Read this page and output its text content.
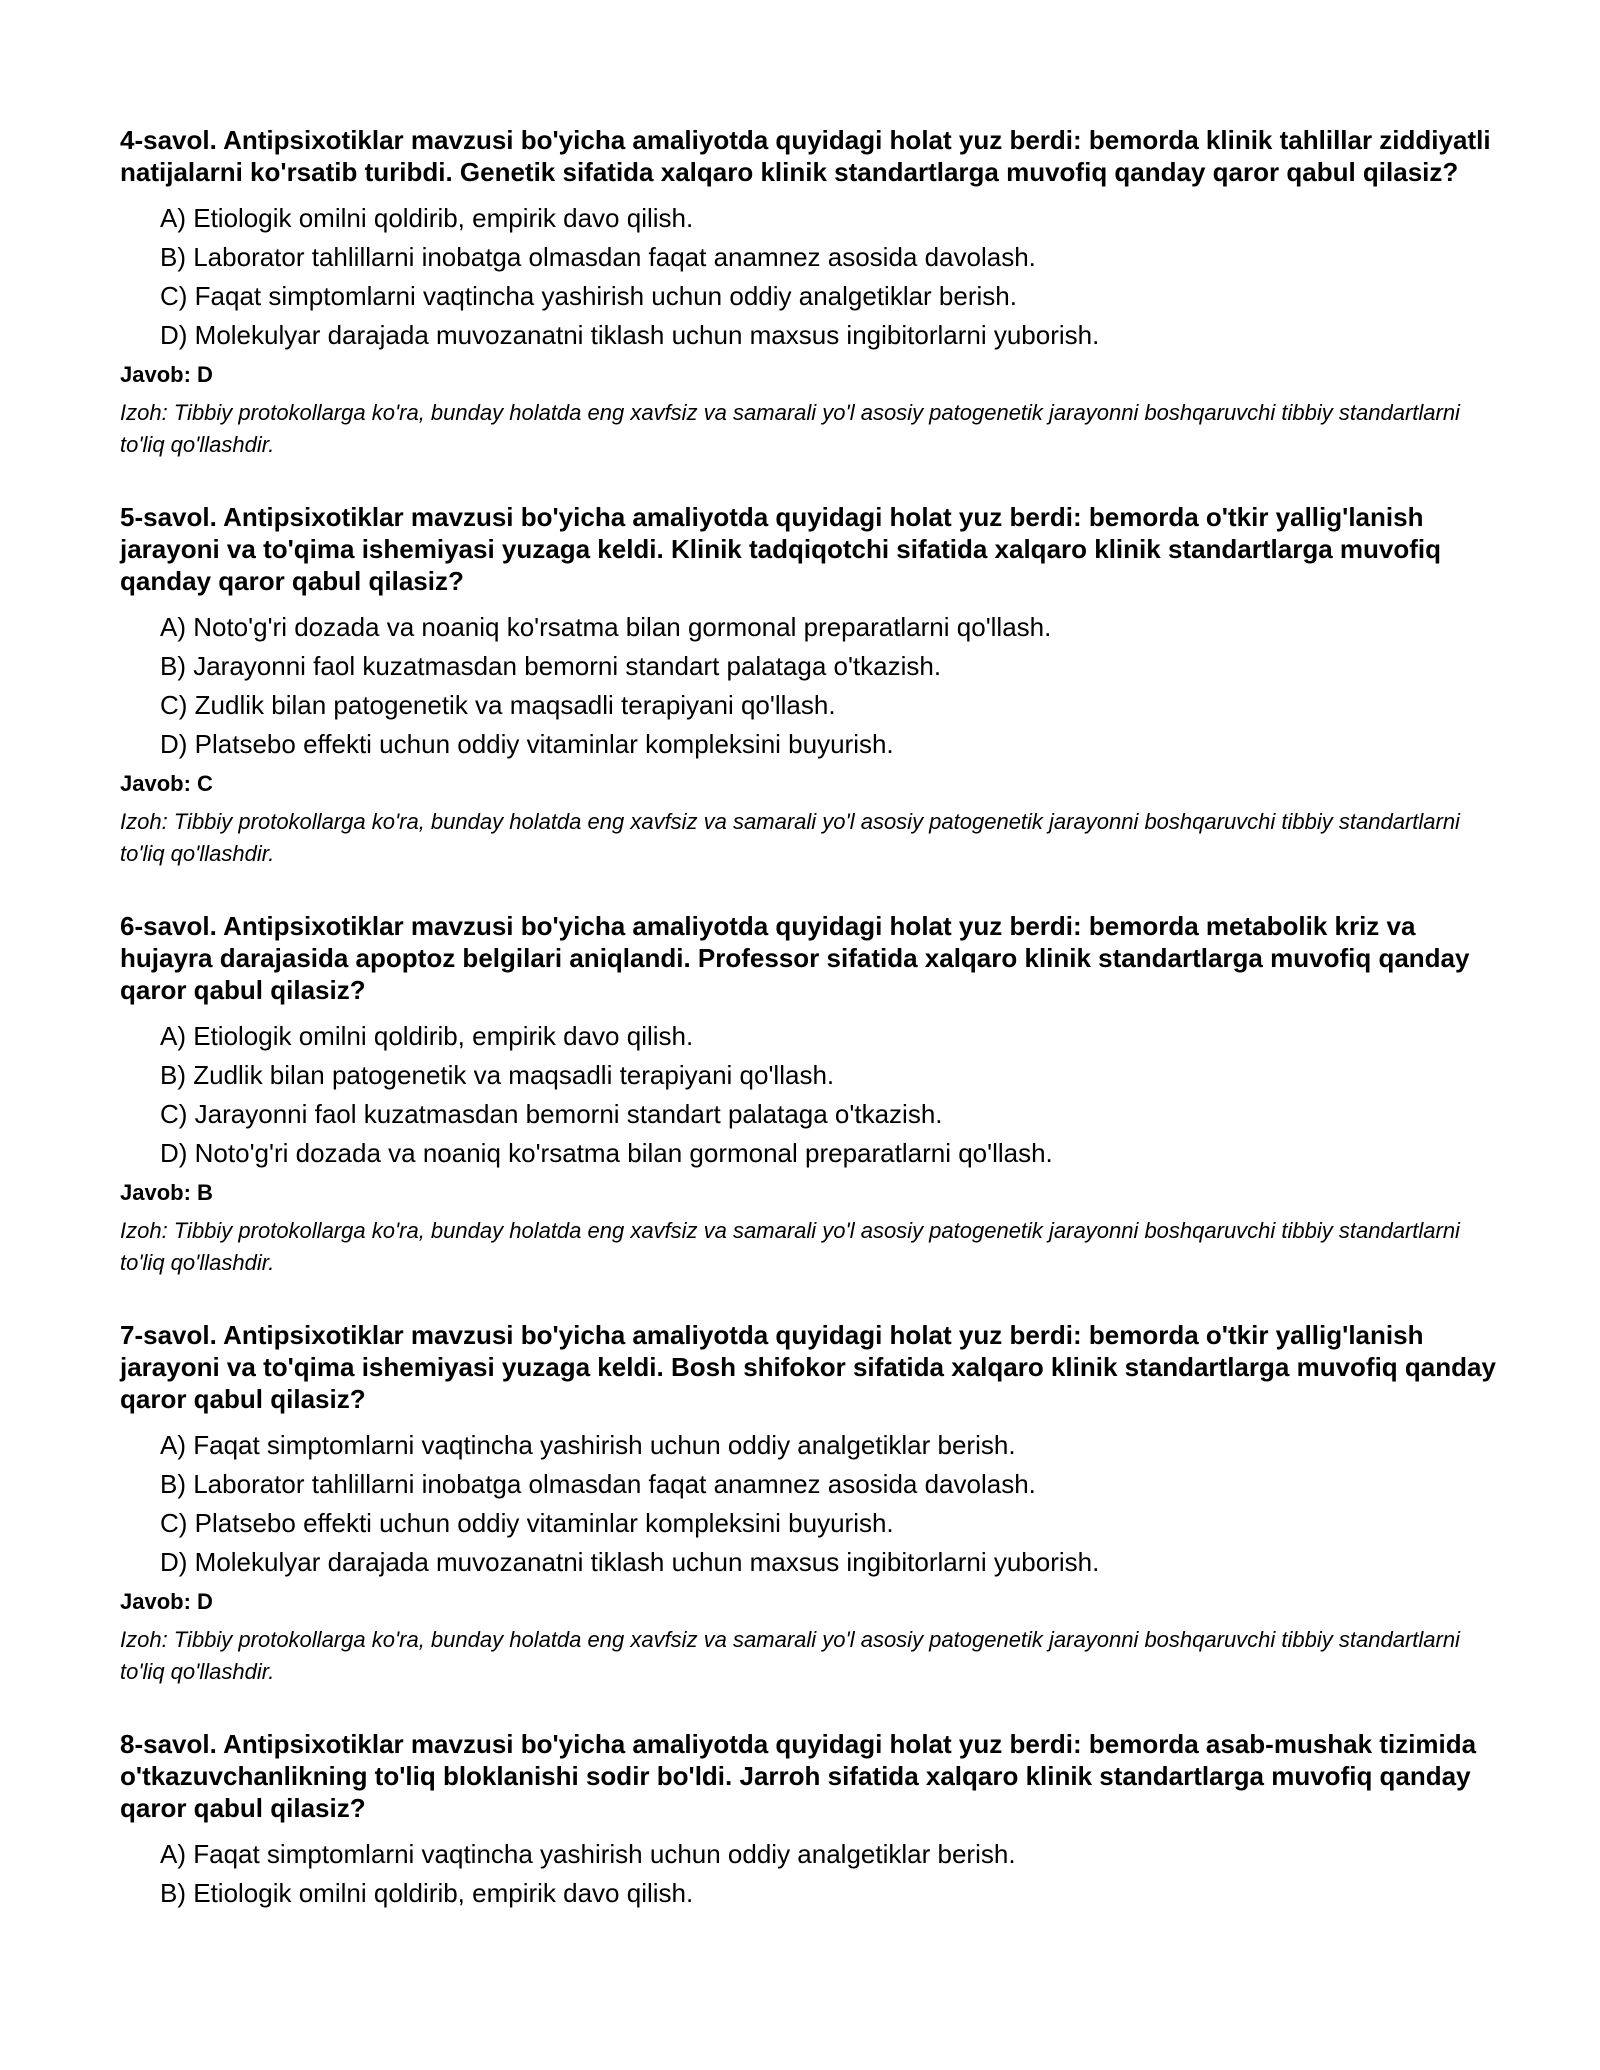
4-savol. Antipsixotiklar mavzusi bo'yicha amaliyotda quyidagi holat yuz berdi: bemorda klinik tahlillar ziddiyatli natijalarni ko'rsatib turibdi. Genetik sifatida xalqaro klinik standartlarga muvofiq qanday qaror qabul qilasiz?

A) Etiologik omilni qoldirib, empirik davo qilish.
B) Laborator tahlillarni inobatga olmasdan faqat anamnez asosida davolash.
C) Faqat simptomlarni vaqtincha yashirish uchun oddiy analgetiklar berish.
D) Molekulyar darajada muvozanatni tiklash uchun maxsus ingibitorlarni yuborish.

Javob: D

Izoh: Tibbiy protokollarga ko'ra, bunday holatda eng xavfsiz va samarali yo'l asosiy patogenetik jarayonni boshqaruvchi tibbiy standartlarni to'liq qo'llashdir.

5-savol. Antipsixotiklar mavzusi bo'yicha amaliyotda quyidagi holat yuz berdi: bemorda o'tkir yallig'lanish jarayoni va to'qima ishemiyasi yuzaga keldi. Klinik tadqiqotchi sifatida xalqaro klinik standartlarga muvofiq qanday qaror qabul qilasiz?

A) Noto'g'ri dozada va noaniq ko'rsatma bilan gormonal preparatlarni qo'llash.
B) Jarayonni faol kuzatmasdan bemorni standart palataga o'tkazish.
C) Zudlik bilan patogenetik va maqsadli terapiyani qo'llash.
D) Platsebo effekti uchun oddiy vitaminlar kompleksini buyurish.

Javob: C

Izoh: Tibbiy protokollarga ko'ra, bunday holatda eng xavfsiz va samarali yo'l asosiy patogenetik jarayonni boshqaruvchi tibbiy standartlarni to'liq qo'llashdir.

6-savol. Antipsixotiklar mavzusi bo'yicha amaliyotda quyidagi holat yuz berdi: bemorda metabolik kriz va hujayra darajasida apoptoz belgilari aniqlandi. Professor sifatida xalqaro klinik standartlarga muvofiq qanday qaror qabul qilasiz?

A) Etiologik omilni qoldirib, empirik davo qilish.
B) Zudlik bilan patogenetik va maqsadli terapiyani qo'llash.
C) Jarayonni faol kuzatmasdan bemorni standart palataga o'tkazish.
D) Noto'g'ri dozada va noaniq ko'rsatma bilan gormonal preparatlarni qo'llash.

Javob: B

Izoh: Tibbiy protokollarga ko'ra, bunday holatda eng xavfsiz va samarali yo'l asosiy patogenetik jarayonni boshqaruvchi tibbiy standartlarni to'liq qo'llashdir.

7-savol. Antipsixotiklar mavzusi bo'yicha amaliyotda quyidagi holat yuz berdi: bemorda o'tkir yallig'lanish jarayoni va to'qima ishemiyasi yuzaga keldi. Bosh shifokor sifatida xalqaro klinik standartlarga muvofiq qanday qaror qabul qilasiz?

A) Faqat simptomlarni vaqtincha yashirish uchun oddiy analgetiklar berish.
B) Laborator tahlillarni inobatga olmasdan faqat anamnez asosida davolash.
C) Platsebo effekti uchun oddiy vitaminlar kompleksini buyurish.
D) Molekulyar darajada muvozanatni tiklash uchun maxsus ingibitorlarni yuborish.

Javob: D

Izoh: Tibbiy protokollarga ko'ra, bunday holatda eng xavfsiz va samarali yo'l asosiy patogenetik jarayonni boshqaruvchi tibbiy standartlarni to'liq qo'llashdir.

8-savol. Antipsixotiklar mavzusi bo'yicha amaliyotda quyidagi holat yuz berdi: bemorda asab-mushak tizimida o'tkazuvchanlikning to'liq bloklanishi sodir bo'ldi. Jarroh sifatida xalqaro klinik standartlarga muvofiq qanday qaror qabul qilasiz?

A) Faqat simptomlarni vaqtincha yashirish uchun oddiy analgetiklar berish.
B) Etiologik omilni qoldirib, empirik davo qilish.
